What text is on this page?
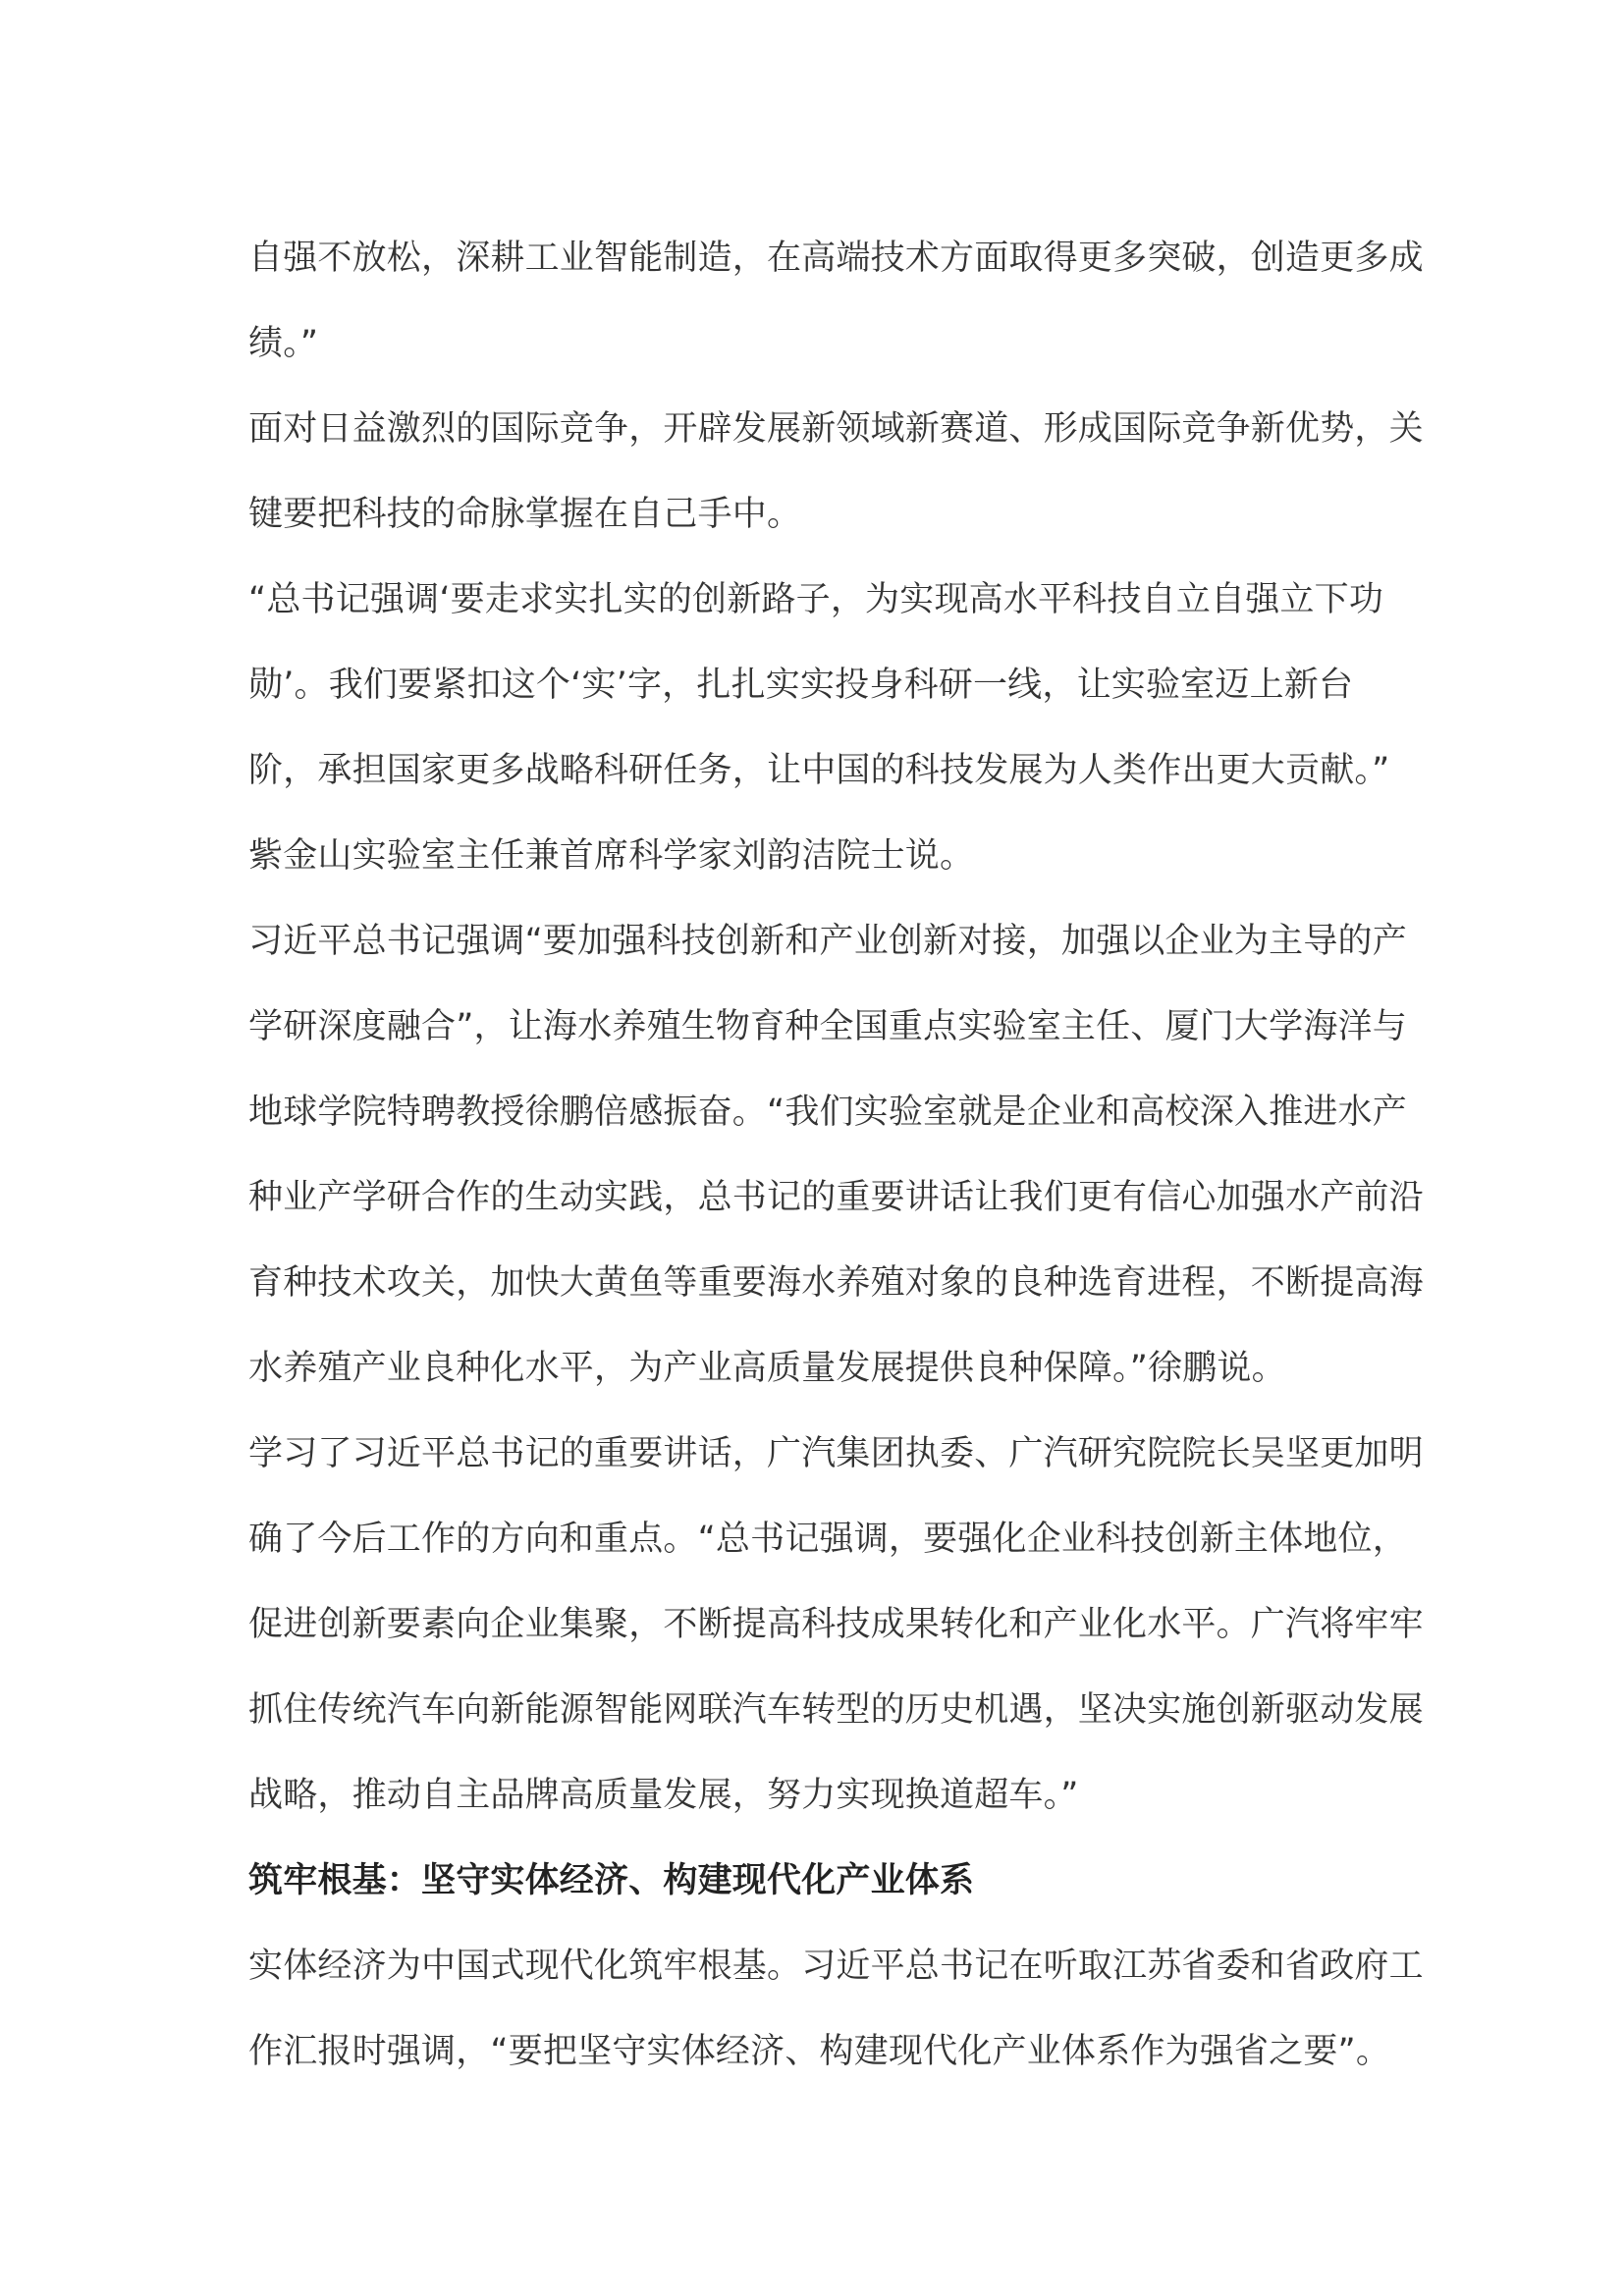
自强不放松，深耕工业智能制造，在高端技术方面取得更多突破，创造更多成
绩。”
面对日益激烈的国际竞争，开辟发展新领域新赛道、形成国际竞争新优势，关
键要把科技的命脉掌握在自己手中。
“总书记强调‘要走求实扎实的创新路子，为实现高水平科技自立自强立下功
勋’。我们要紧扣这个‘实’字，扎扎实实投身科研一线，让实验室迈上新台
阶，承担国家更多战略科研任务，让中国的科技发展为人类作出更大贡献。”
紫金山实验室主任兼首席科学家刘韵洁院士说。
习近平总书记强调“要加强科技创新和产业创新对接，加强以企业为主导的产
学研深度融合”，让海水养殖生物育种全国重点实验室主任、厦门大学海洋与
地球学院特聘教授徐鹏倍感振奋。“我们实验室就是企业和高校深入推进水产
种业产学研合作的生动实践，总书记的重要讲话让我们更有信心加强水产前沿
育种技术攻关，加快大黄鱼等重要海水养殖对象的良种选育进程，不断提高海
水养殖产业良种化水平，为产业高质量发展提供良种保障。”徐鹏说。
学习了习近平总书记的重要讲话，广汽集团执委、广汽研究院院长吴坚更加明
确了今后工作的方向和重点。“总书记强调，要强化企业科技创新主体地位，
促进创新要素向企业集聚，不断提高科技成果转化和产业化水平。广汽将牢牢
抓住传统汽车向新能源智能网联汽车转型的历史机遇，坚决实施创新驱动发展
战略，推动自主品牌高质量发展，努力实现换道超车。”
筑牢根基：坚守实体经济、构建现代化产业体系
实体经济为中国式现代化筑牢根基。习近平总书记在听取江苏省委和省政府工
作汇报时强调，“要把坚守实体经济、构建现代化产业体系作为强省之要”。
